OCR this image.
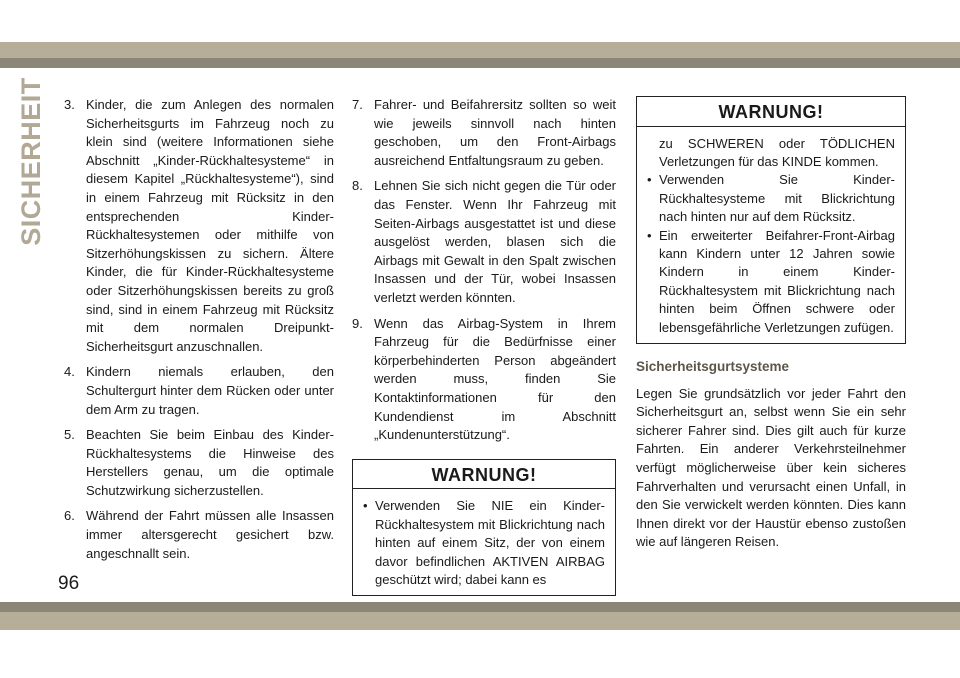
SICHERHEIT 3. Kinder, die zum Anlegen des normalen Sicherheitsgurts im Fahrzeug noch zu klein sind (weitere Informationen siehe Abschnitt „Kinder-Rückhaltesysteme“ in diesem Kapitel „Rückhaltesysteme“), sind in einem Fahrzeug mit Rücksitz in den entsprechenden Kinder-Rückhaltesystemen oder mithilfe von Sitzerhöhungskissen zu sichern. Ältere Kinder, die für Kinder-Rückhaltesysteme oder Sitzerhöhungskissen bereits zu groß sind, sind in einem Fahrzeug mit Rücksitz mit dem normalen Dreipunkt-Sicherheitsgurt anzuschnallen.
4. Kindern niemals erlauben, den Schultergurt hinter dem Rücken oder unter dem Arm zu tragen.
5. Beachten Sie beim Einbau des Kinder-Rückhaltesystems die Hinweise des Herstellers genau, um die optimale Schutzwirkung sicherzustellen.
6. Während der Fahrt müssen alle Insassen immer altersgerecht gesichert bzw. angeschnallt sein.
7. Fahrer- und Beifahrersitz sollten so weit wie jeweils sinnvoll nach hinten geschoben, um den Front-Airbags ausreichend Entfaltungsraum zu geben.
8. Lehnen Sie sich nicht gegen die Tür oder das Fenster. Wenn Ihr Fahrzeug mit Seiten-Airbags ausgestattet ist und diese ausgelöst werden, blasen sich die Airbags mit Gewalt in den Spalt zwischen Insassen und der Tür, wobei Insassen verletzt werden könnten.
9. Wenn das Airbag-System in Ihrem Fahrzeug für die Bedürfnisse einer körperbehinderten Person abgeändert werden muss, finden Sie Kontaktinformationen für den Kundendienst im Abschnitt „Kundenunterstützung“.
WARNUNG!
• Verwenden Sie NIE ein Kinder-Rückhaltesystem mit Blickrichtung nach hinten auf einem Sitz, der von einem davor befindlichen AKTIVEN AIRBAG geschützt wird; dabei kann es
WARNUNG!
zu SCHWEREN oder TÖDLICHEN Verletzungen für das KINDE kommen.
• Verwenden Sie Kinder-Rückhaltesysteme mit Blickrichtung nach hinten nur auf dem Rücksitz.
• Ein erweiterter Beifahrer-Front-Airbag kann Kindern unter 12 Jahren sowie Kindern in einem Kinder-Rückhaltesystem mit Blickrichtung nach hinten beim Öffnen schwere oder lebensgefährliche Verletzungen zufügen.
Sicherheitsgurtsysteme
Legen Sie grundsätzlich vor jeder Fahrt den Sicherheitsgurt an, selbst wenn Sie ein sehr sicherer Fahrer sind. Dies gilt auch für kurze Fahrten. Ein anderer Verkehrsteilnehmer verfügt möglicherweise über kein sicheres Fahrverhalten und verursacht einen Unfall, in den Sie verwickelt werden könnten. Dies kann Ihnen direkt vor der Haustür ebenso zustoßen wie auf längeren Reisen.
96
